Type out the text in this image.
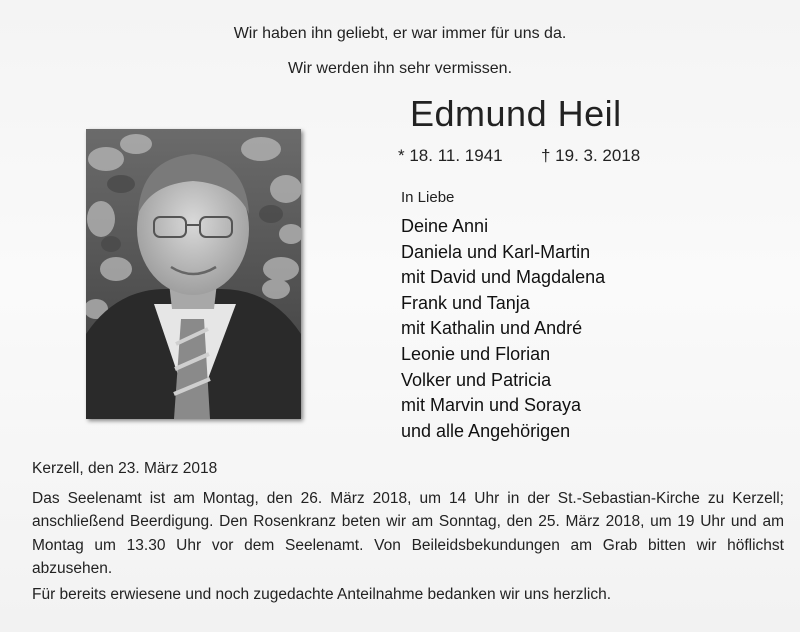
Wir haben ihn geliebt, er war immer für uns da.
Wir werden ihn sehr vermissen.
Edmund Heil
* 18. 11. 1941 † 19. 3. 2018
In Liebe
Deine Anni
Daniela und Karl-Martin
mit David und Magdalena
Frank und Tanja
mit Kathalin und André
Leonie und Florian
Volker und Patricia
mit Marvin und Soraya
und alle Angehörigen
Kerzell, den 23. März 2018

Das Seelenamt ist am Montag, den 26. März 2018, um 14 Uhr in der St.-Sebastian-Kirche zu Kerzell; anschließend Beerdigung. Den Rosenkranz beten wir am Sonntag, den 25. März 2018, um 19 Uhr und am Montag um 13.30 Uhr vor dem Seelenamt. Von Beileidsbekundungen am Grab bitten wir höflichst abzusehen.

Für bereits erwiesene und noch zugedachte Anteilnahme bedanken wir uns herzlich.
